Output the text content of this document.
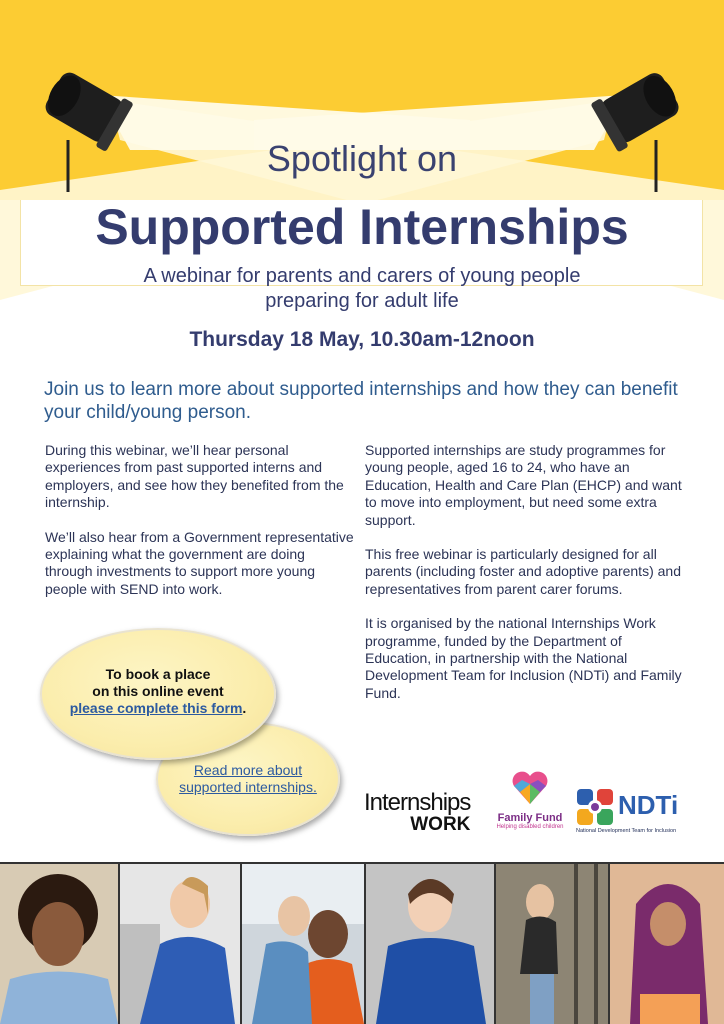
Spotlight on
Supported Internships
A webinar for parents and carers of young people
preparing for adult life
Thursday 18 May, 10.30am-12noon
Join us to learn more about supported internships and how they can benefit your child/young person.

During this webinar, we’ll hear personal experiences from past supported interns and employers, and see how they benefited from the internship.

We’ll also hear from a Government representative explaining what the government are doing through investments to support more young people with SEND into work.

Supported internships are study programmes for young people, aged 16 to 24, who have an Education, Health and Care Plan (EHCP) and want to move into employment, but need some extra support.

This free webinar is particularly designed for all parents (including foster and adoptive parents) and representatives from parent carer forums.

It is organised by the national Internships Work programme, funded by the Department of Education, in partnership with the National Development Team for Inclusion (NDTi) and Family Fund.

Read more about
supported internships.
To book a place
on this online event
please complete this form.
Internships
WORK	Family Fund
Helping disabled children
NDTi
National Development Team for Inclusion
